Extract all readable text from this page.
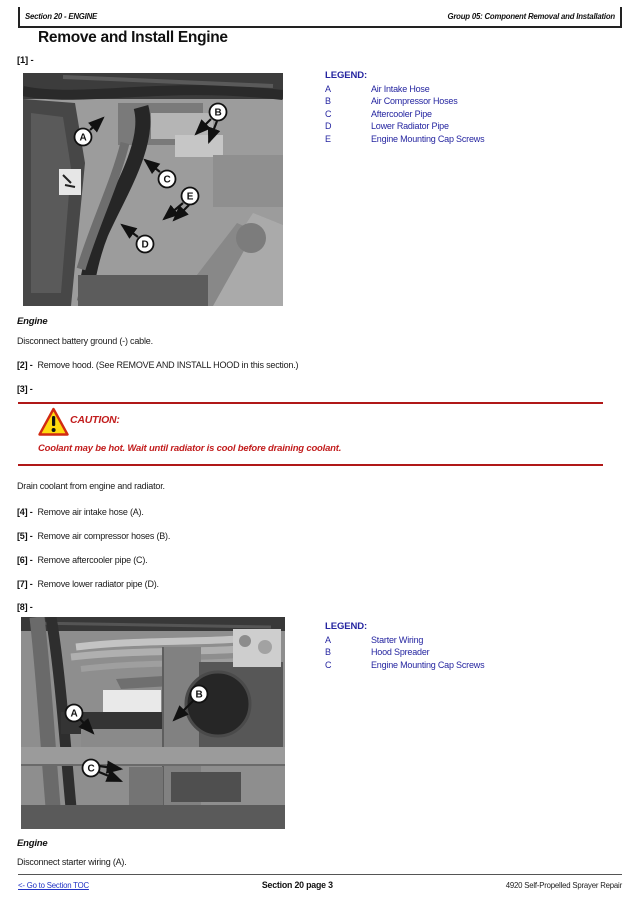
Section 20 - ENGINE	Group 05: Component Removal and Installation
Remove and Install Engine
[1] -
A
B
C
D
E
LEGEND:
A	Air Intake Hose
B	Air Compressor Hoses
C	Aftercooler Pipe
D	Lower Radiator Pipe
E	Engine Mounting Cap Screws
Engine
Disconnect battery ground (-) cable.
[2] - Remove hood. (See REMOVE AND INSTALL HOOD in this section.)
[3] -
CAUTION:
Coolant may be hot. Wait until radiator is cool before draining coolant.
Drain coolant from engine and radiator.
[4] - Remove air intake hose (A).
[5] - Remove air compressor hoses (B).
[6] - Remove aftercooler pipe (C).
[7] - Remove lower radiator pipe (D).
[8] -
A
B
C
LEGEND:
A	Starter Wiring
B	Hood Spreader
C	Engine Mounting Cap Screws
Engine
Disconnect starter wiring (A).
<- Go to Section TOC	Section 20 page 3	4920 Self-Propelled Sprayer Repair
